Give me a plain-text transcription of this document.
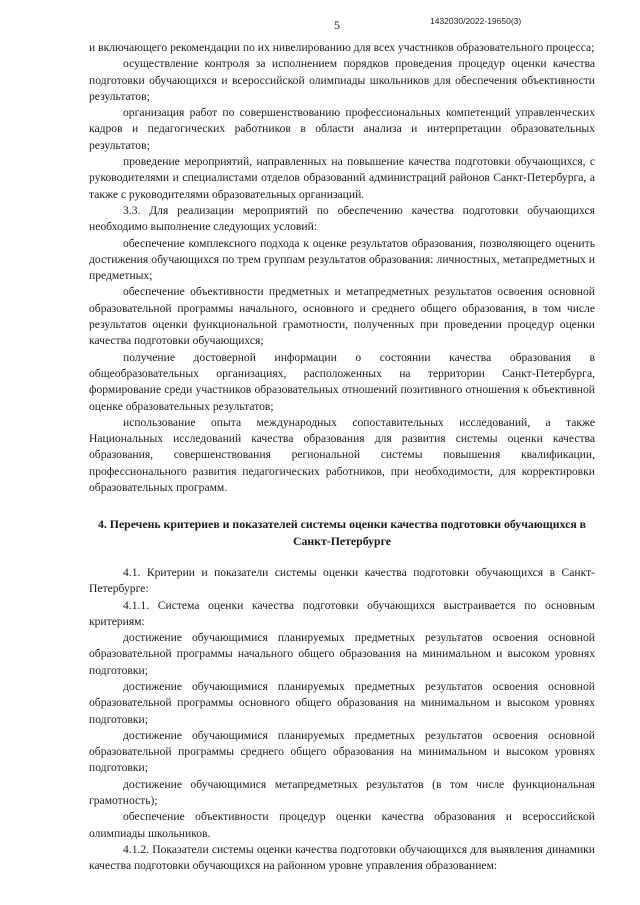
5	1432030/2022-19650(3)

и включающего рекомендации по их нивелированию для всех участников образовательного процесса;

осуществление контроля за исполнением порядков проведения процедур оценки качества подготовки обучающихся и всероссийской олимпиады школьников для обеспечения объективности результатов;

организация работ по совершенствованию профессиональных компетенций управленческих кадров и педагогических работников в области анализа и интерпретации образовательных результатов;

проведение мероприятий, направленных на повышение качества подготовки обучающихся, с руководителями и специалистами отделов образований администраций районов Санкт-Петербурга, а также с руководителями образовательных организаций.

3.3. Для реализации мероприятий по обеспечению качества подготовки обучающихся необходимо выполнение следующих условий:

обеспечение комплексного подхода к оценке результатов образования, позволяющего оценить достижения обучающихся по трем группам результатов образования: личностных, метапредметных и предметных;

обеспечение объективности предметных и метапредметных результатов освоения основной образовательной программы начального, основного и среднего общего образования, в том числе результатов оценки функциональной грамотности, полученных при проведении процедур оценки качества подготовки обучающихся;

получение достоверной информации о состоянии качества образования в общеобразовательных организациях, расположенных на территории Санкт-Петербурга, формирование среди участников образовательных отношений позитивного отношения к объективной оценке образовательных результатов;

использование опыта международных сопоставительных исследований, а также Национальных исследований качества образования для развития системы оценки качества образования, совершенствования региональной системы повышения квалификации, профессионального развития педагогических работников, при необходимости, для корректировки образовательных программ.

4. Перечень критериев и показателей системы оценки качества подготовки обучающихся в Санкт-Петербурге

4.1. Критерии и показатели системы оценки качества подготовки обучающихся в Санкт-Петербурге:

4.1.1. Система оценки качества подготовки обучающихся выстраивается по основным критериям:

достижение обучающимися планируемых предметных результатов освоения основной образовательной программы начального общего образования на минимальном и высоком уровнях подготовки;

достижение обучающимися планируемых предметных результатов освоения основной образовательной программы основного общего образования на минимальном и высоком уровнях подготовки;

достижение обучающимися планируемых предметных результатов освоения основной образовательной программы среднего общего образования на минимальном и высоком уровнях подготовки;

достижение обучающимися метапредметных результатов (в том числе функциональная грамотность);

обеспечение объективности процедур оценки качества образования и всероссийской олимпиады школьников.

4.1.2. Показатели системы оценки качества подготовки обучающихся для выявления динамики качества подготовки обучающихся на районном уровне управления образованием:
